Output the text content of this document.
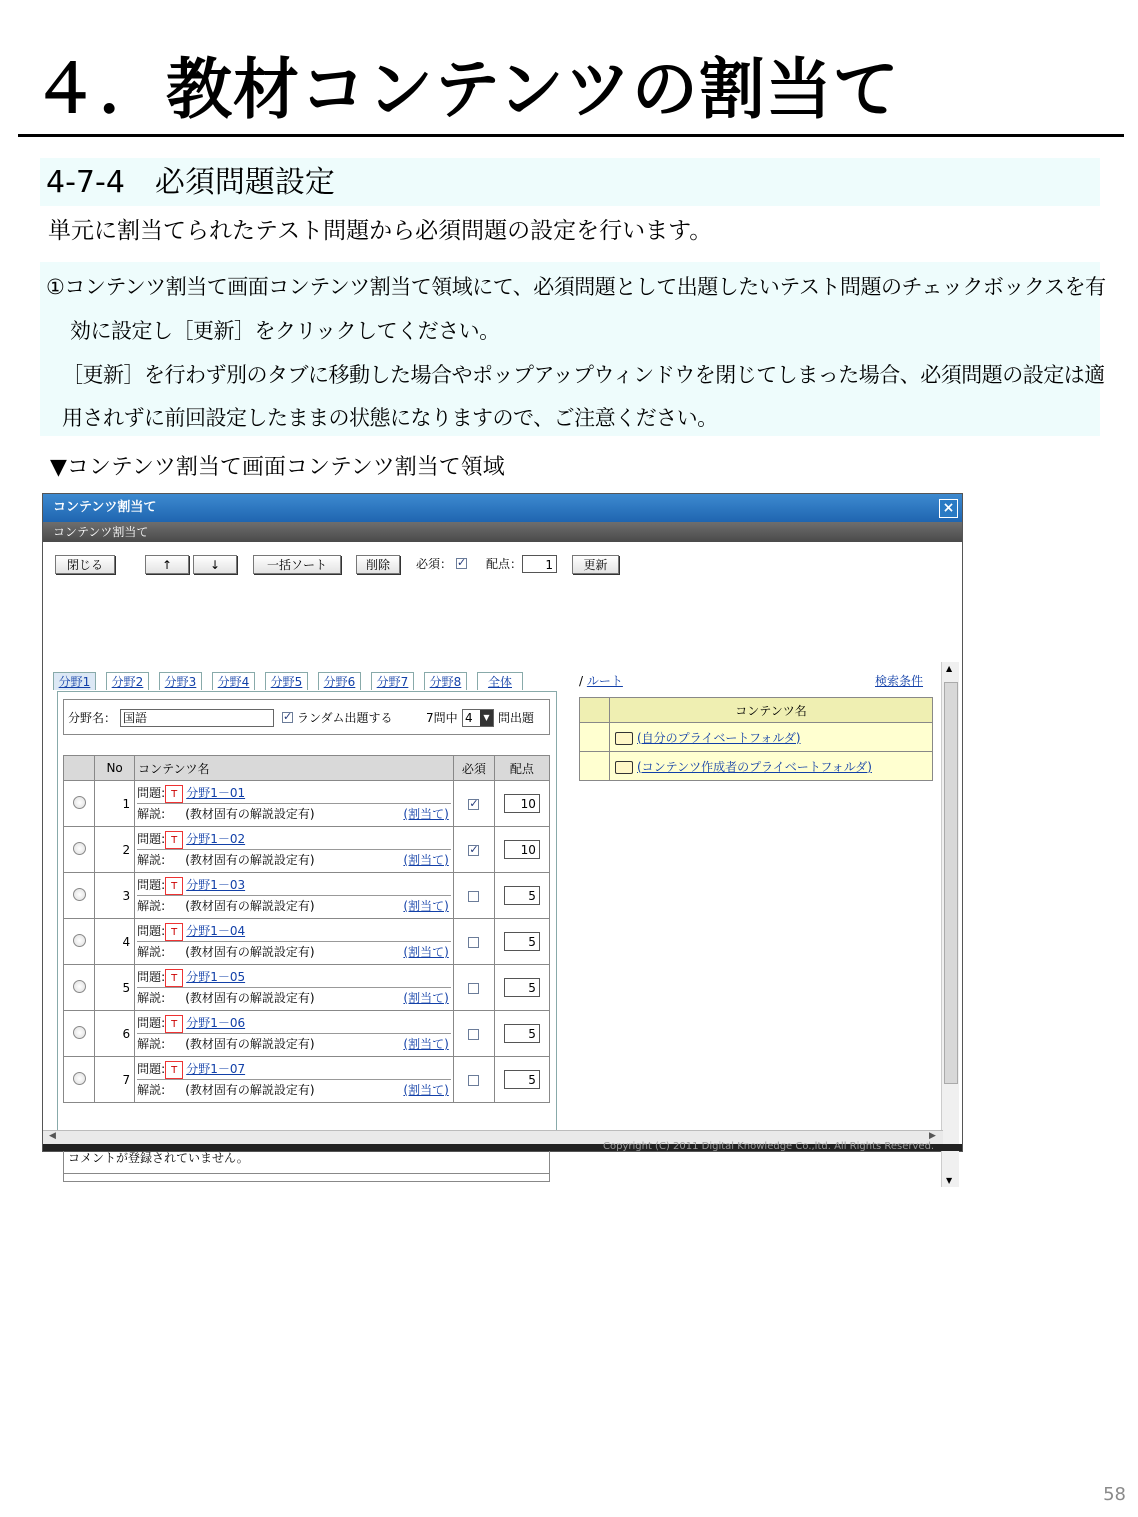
４．教材コンテンツの割当て
4-7-4　必須問題設定
単元に割当てられたテスト問題から必須問題の設定を行います。
①コンテンツ割当て画面コンテンツ割当て領域にて、必須問題として出題したいテスト問題のチェックボックスを有
効に設定し［更新］をクリックしてください。
［更新］を行わず別のタブに移動した場合やポップアップウィンドウを閉じてしまった場合、必須問題の設定は適
用されずに前回設定したままの状態になりますので、ご注意ください。
▼コンテンツ割当て画面コンテンツ割当て領域
コンテンツ割当て	×
コンテンツ割当て
閉じる	↑	↓	一括ソート	削除	必須： ✓	配点：	1	更新
分野1	分野2	分野3	分野4	分野5	分野6	分野7	分野8	全体
分野名： 国語 ✓	ランダム出題する	7問中 4	▼ 問出題
	No	コンテンツ名	必須	配点
	1	問題: T 分野1－01
解説: (教材固有の解説設定有) (割当て)
	✓	10
	2	問題: T 分野1－02
解説: (教材固有の解説設定有) (割当て)
	✓	10
	3	問題: T 分野1－03
解説: (教材固有の解説設定有) (割当て)		5
	4	問題: T 分野1－04
解説: (教材固有の解説設定有) (割当て)		5
	5	問題: T 分野1－05
解説: (教材固有の解説設定有) (割当て)		5
	6	問題: T 分野1－06
解説: (教材固有の解説設定有) (割当て)		5
	7	問題: T 分野1－07
解説: (教材固有の解説設定有) (割当て)		5
コメントが登録されていません。
/ ルート	検索条件
	コンテンツ名
	(自分のプライベートフォルダ)
	(コンテンツ作成者のプライベートフォルダ)
▲
▼
◀	▶
Copyright (C) 2011 Digital Knowledge Co.,ltd. All Rights Reserved.
58
